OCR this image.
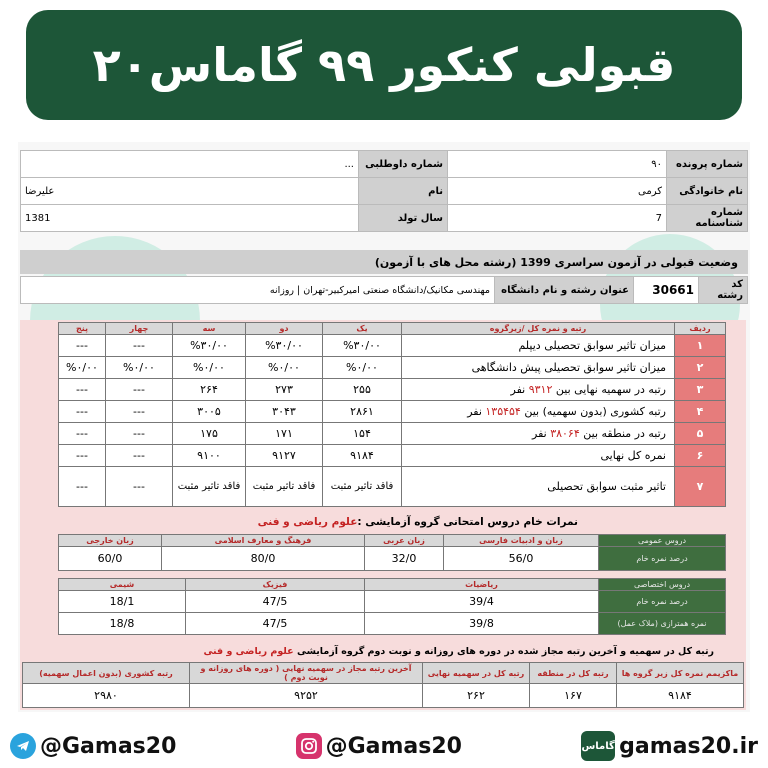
قبولی کنکور ۹۹ گاماس۲۰
شماره پرونده	۹۰	شماره داوطلبی	...
نام خانوادگی	کرمی	نام	علیرضا
شماره شناسنامه	7	سال تولد	1381
وضعیت قبولی در آزمون سراسری 1399 (رشته محل های با آزمون)
کد رشته	30661	عنوان رشته و نام دانشگاه	مهندسی مکانیک/دانشگاه صنعتی امیرکبیر-تهران | روزانه
ردیف	رتبه و نمره کل /زیرگروه	یک	دو	سه	چهار	پنج
۱	میزان تاثیر سوابق تحصیلی دیپلم	%۳۰/۰۰	%۳۰/۰۰	%۳۰/۰۰	---	---
۲	میزان تاثیر سوابق تحصیلی پیش دانشگاهی	%۰/۰۰	%۰/۰۰	%۰/۰۰	%۰/۰۰	%۰/۰۰
۳	رتبه در سهمیه نهایی بین ۹۳۱۲ نفر	۲۵۵	۲۷۳	۲۶۴	---	---
۴	رتبه کشوری (بدون سهمیه) بین ۱۳۵۴۵۴ نفر	۲۸۶۱	۳۰۴۳	۳۰۰۵	---	---
۵	رتبه در منطقه بین ۳۸۰۶۴ نفر	۱۵۴	۱۷۱	۱۷۵	---	---
۶	نمره کل نهایی	۹۱۸۴	۹۱۲۷	۹۱۰۰	---	---
۷	تاثیر مثبت سوابق تحصیلی	فاقد تاثیر مثبت	فاقد تاثیر مثبت	فاقد تاثیر مثبت	---	---
نمرات خام دروس امتحانی گروه آزمایشی :علوم ریاضی و فنی
دروس عمومی	زبان و ادبیات فارسی	زبان عربی	فرهنگ و معارف اسلامی	زبان خارجی
درصد نمره خام	56/0	32/0	80/0	60/0
دروس اختصاصی	ریاضیات	فیزیک	شیمی
درصد نمره خام	39/4	47/5	18/1
نمره همترازی (ملاک عمل)	39/8	47/5	18/8
رتبه کل در سهمیه و آخرین رتبه مجاز شده در دوره های روزانه و نوبت دوم گروه آزمایشی علوم ریاضی و فنی
ماکزیمم نمره کل زیر گروه ها	رتبه کل در منطقه	رتبه کل در سهمیه نهایی	آخرین رتبه مجاز در سهمیه نهایی ( دوره های روزانه و نوبت دوم )	رتبه کشوری (بدون اعمال سهمیه)
۹۱۸۴	۱۶۷	۲۶۲	۹۲۵۲	۲۹۸۰
@Gamas20	@Gamas20	گاماس gamas20.ir
